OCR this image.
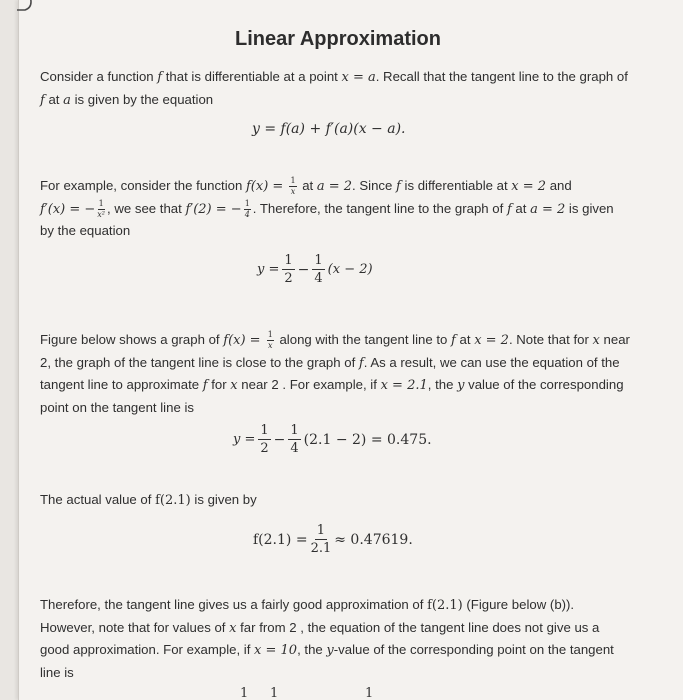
Linear Approximation
Consider a function f that is differentiable at a point x = a. Recall that the tangent line to the graph of f at a is given by the equation
y = f(a) + f′(a)(x − a).
For example, consider the function $f(x) = \frac{1}{x}$ at a = 2. Since f is differentiable at x = 2 and
f′(x) = − $\frac{1}{\text{x²}}$ , we see that f′(2) = − $\frac{1}{4}$ . Therefore, the tangent line to the graph of f at a = 2 is given by the equation
$y = \frac{1}{2} - \frac{1}{4} (x - 2)$
Figure below shows a graph of $f(x) = \frac{1}{x}$ along with the tangent line to f at x = 2. Note that for x near 2, the graph of the tangent line is close to the graph of f. As a result, we can use the equation of the tangent line to approximate f for x near 2 . For example, if x = 2.1, the y value of the corresponding point on the tangent line is
$y = \frac{1}{2} - \frac{1}{4} (2.1 - 2) = 0.475$.
The actual value of f(2.1) is given by
$f(2.1) = \frac{1}{2.1} \approx 0.47619$.
Therefore, the tangent line gives us a fairly good approximation of f(2.1) (Figure below (b)). However, note that for values of x far from 2 , the equation of the tangent line does not give us a good approximation. For example, if x = 10, the y-value of the corresponding point on the tangent line is
1 1	1
